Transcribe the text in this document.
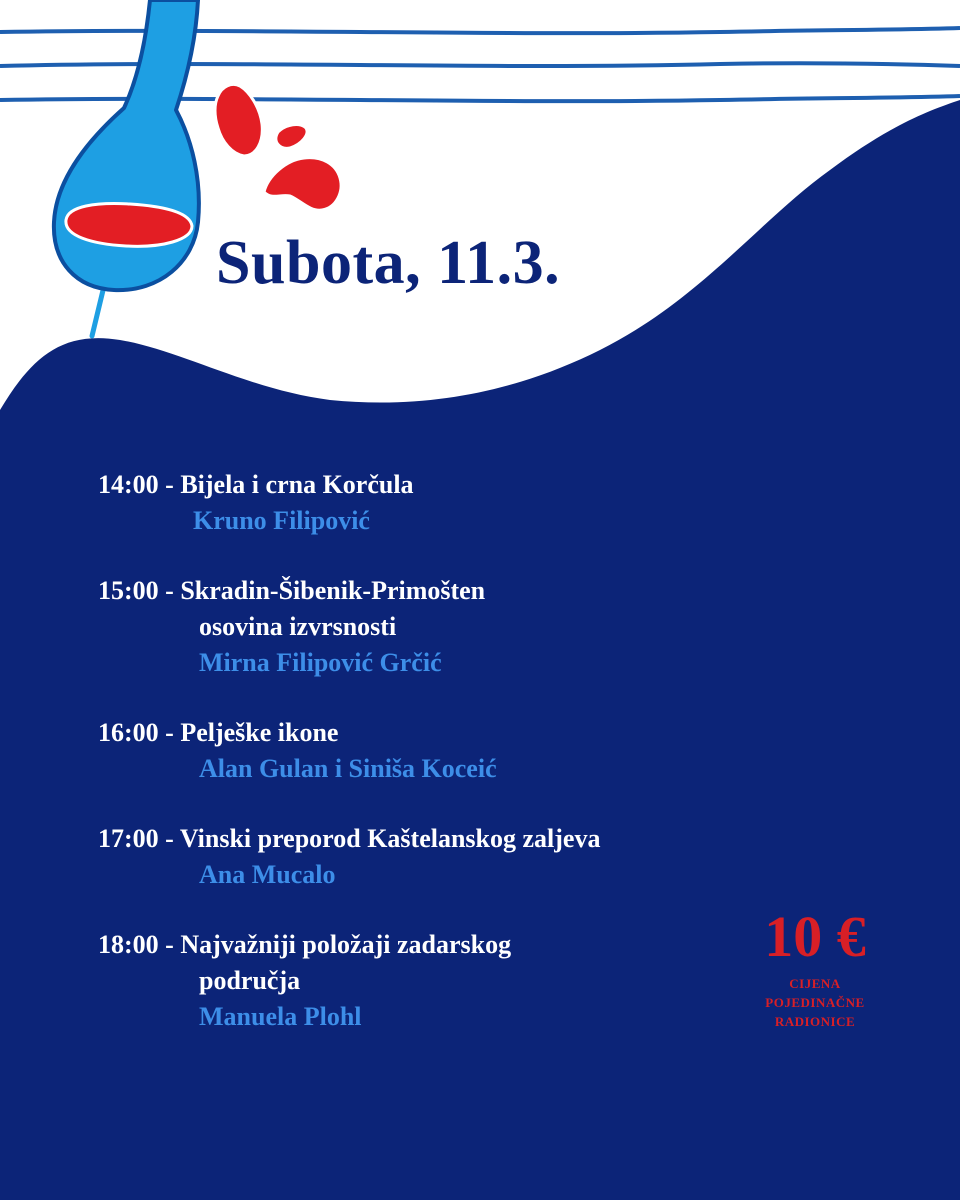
Subota, 11.3.
14:00 - Bijela i crna Korčula
Kruno Filipović
15:00 - Skradin-Šibenik-Primošten
osovina izvrsnosti
Mirna Filipović Grčić
16:00 - Pelješke ikone
Alan Gulan i Siniša Koceić
17:00 - Vinski preporod Kaštelanskog zaljeva
Ana Mucalo
18:00 - Najvažniji položaji zadarskog
područja
Manuela Plohl
10 €
CIJENA
POJEDINAČNE
RADIONICE
